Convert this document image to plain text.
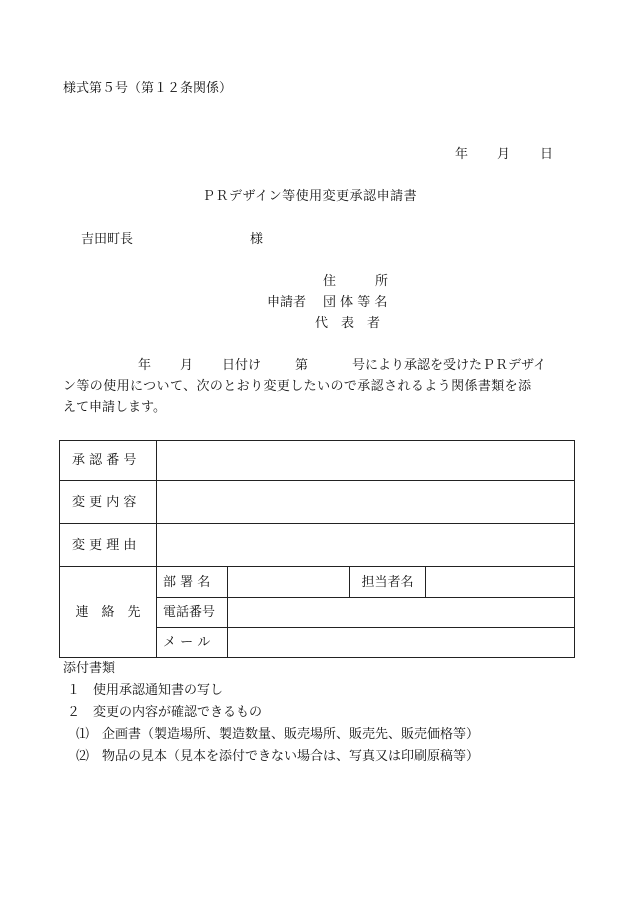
様式第５号（第１２条関係）
年 月 日
ＰＲデザイン等使用変更承認申請書
吉田町長	様
住　　　所
申請者 団 体 等 名
代　表　者
年 月 日付け	第	号により承認を受けたＰＲデザイ
ン等の使用について、次のとおり変更したいので承認されるよう関係書類を添
えて申請します。
承 認 番 号				
変 更 内 容				
変 更 理 由				
連　絡　先	部 署 名		担当者名	
	電話番号			
	メ ー ル			
添付書類
１　使用承認通知書の写し
２　変更の内容が確認できるもの
⑴　企画書（製造場所、製造数量、販売場所、販売先、販売価格等）
⑵　物品の見本（見本を添付できない場合は、写真又は印刷原稿等）
